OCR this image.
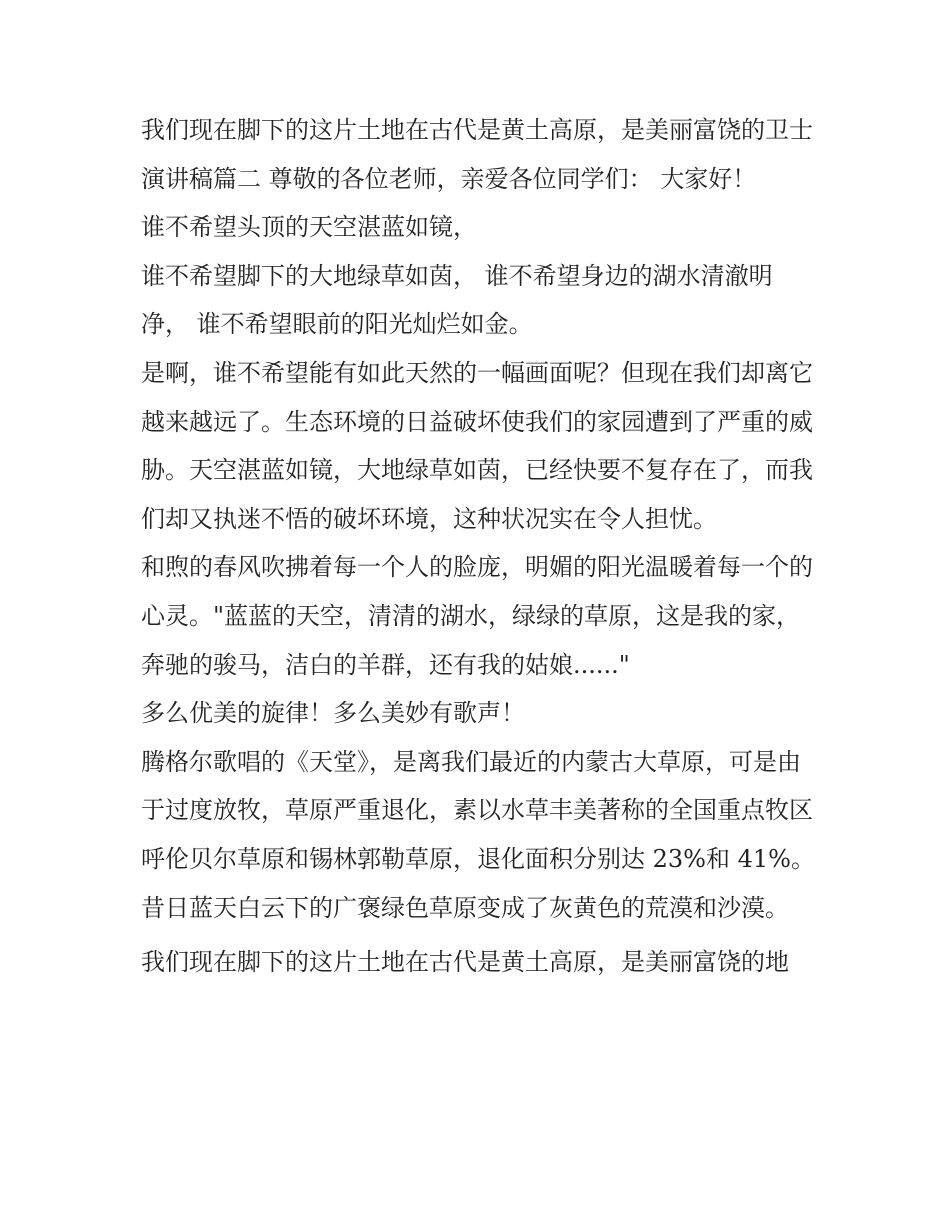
我们现在脚下的这片土地在古代是黄土高原，是美丽富饶的卫士演讲稿篇二 尊敬的各位老师，亲爱各位同学们： 大家好！

谁不希望头顶的天空湛蓝如镜，

谁不希望脚下的大地绿草如茵， 谁不希望身边的湖水清澈明净， 谁不希望眼前的阳光灿烂如金。

是啊，谁不希望能有如此天然的一幅画面呢？但现在我们却离它越来越远了。生态环境的日益破坏使我们的家园遭到了严重的威胁。天空湛蓝如镜，大地绿草如茵，已经快要不复存在了，而我们却又执迷不悟的破坏环境，这种状况实在令人担忧。

和煦的春风吹拂着每一个人的脸庞，明媚的阳光温暖着每一个的心灵。"蓝蓝的天空，清清的湖水，绿绿的草原，这是我的家，奔驰的骏马，洁白的羊群，还有我的姑娘......"

多么优美的旋律！多么美妙有歌声！

腾格尔歌唱的《天堂》，是离我们最近的内蒙古大草原，可是由于过度放牧，草原严重退化，素以水草丰美著称的全国重点牧区呼伦贝尔草原和锡林郭勒草原，退化面积分别达 23%和 41%。昔日蓝天白云下的广褒绿色草原变成了灰黄色的荒漠和沙漠。

我们现在脚下的这片土地在古代是黄土高原，是美丽富饶的地
